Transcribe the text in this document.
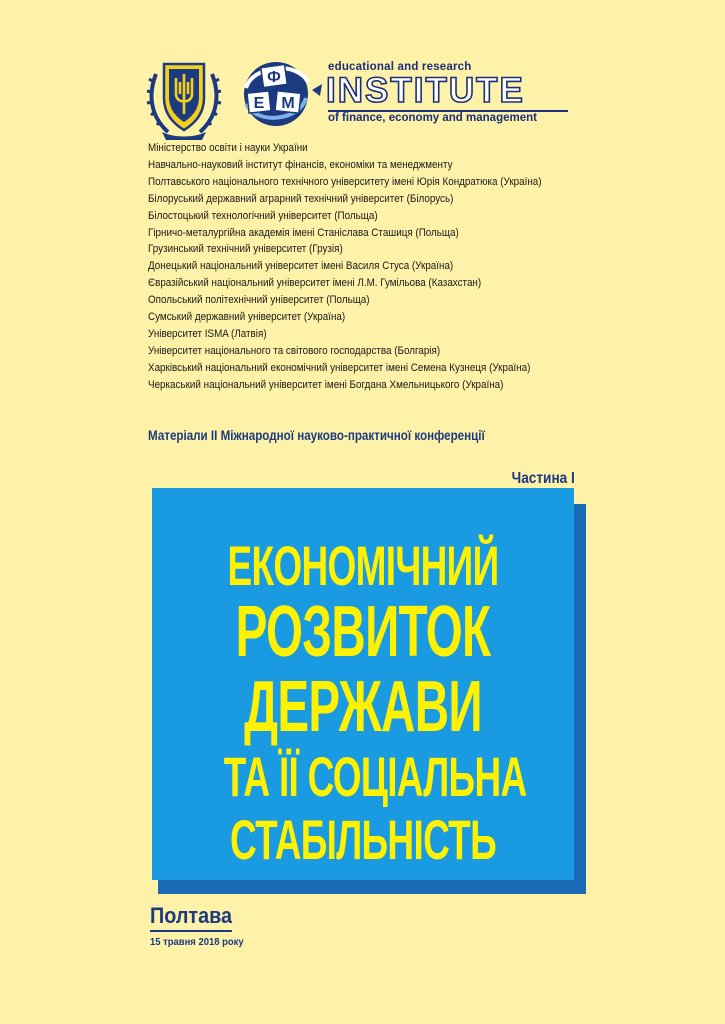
Ф
Е М
educational and research
INSTITUTE
of finance, economy and management
Міністерство освіти і науки України
Навчально-науковий інститут фінансів, економіки та менеджменту
Полтавського національного технічного університету імені Юрія Кондратюка (Україна)
Білоруський державний аграрний технічний університет (Білорусь)
Білостоцький технологічний університет (Польща)
Гірничо-металургійна академія імені Станіслава Сташиця (Польща)
Грузинський технічний університет (Грузія)
Донецький національний університет імені Василя Стуса (Україна)
Євразійський національний університет імені Л.М. Гумільова (Казахстан)
Опольський політехнічний університет (Польща)
Сумський державний університет (Україна)
Університет ISMA (Латвія)
Університет національного та світового господарства (Болгарія)
Харківський національний економічний університет імені Семена Кузнеця (Україна)
Черкаський національний університет імені Богдана Хмельницького (Україна)
Матеріали ІІ Міжнародної науково-практичної конференції
Частина I
ЕКОНОМІЧНИЙ
РОЗВИТОК
ДЕРЖАВИ
ТА ЇЇ СОЦІАЛЬНА
СТАБІЛЬНІСТЬ
Полтава
15 травня 2018 року
